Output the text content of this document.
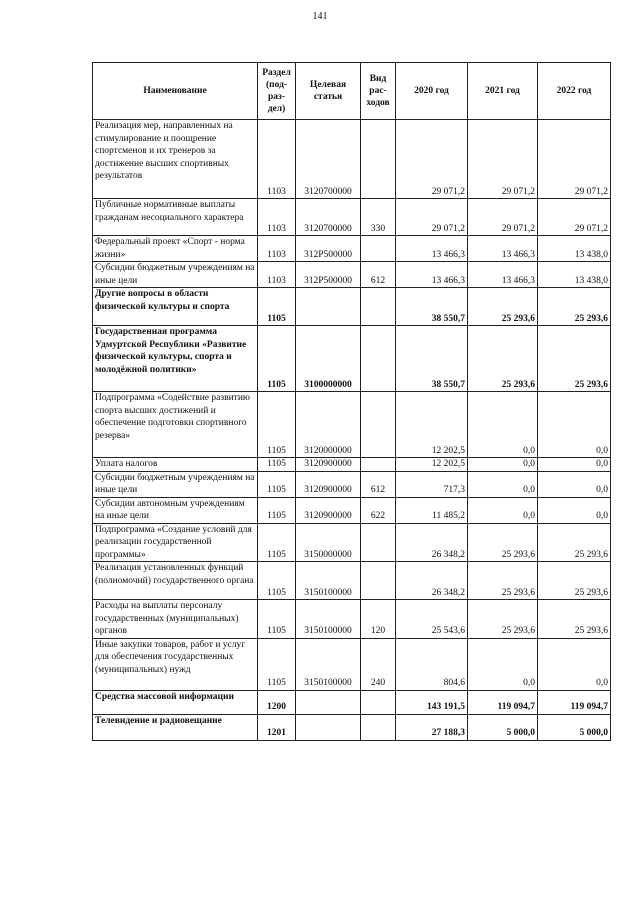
141
Наименование	Раздел (под-раз-дел)	Целевая статья	Вид рас-ходов	2020 год	2021 год	2022 год
Реализация мер, направленных на стимулирование и поощрение спортсменов и их тренеров за достижение высших спортивных результатов	1103	3120700000		29 071,2	29 071,2	29 071,2
Публичные нормативные выплаты гражданам несоциального характера	1103	3120700000	330	29 071,2	29 071,2	29 071,2
Федеральный проект «Спорт - норма жизни»	1103	312P500000		13 466,3	13 466,3	13 438,0
Субсидии бюджетным учреждениям на иные цели	1103	312P500000	612	13 466,3	13 466,3	13 438,0
Другие вопросы в области физической культуры и спорта	1105			38 550,7	25 293,6	25 293,6
Государственная программа Удмуртской Республики «Развитие физической культуры, спорта и молодёжной политики»	1105	3100000000		38 550,7	25 293,6	25 293,6
Подпрограмма «Содействие развитию спорта высших достижений и обеспечение подготовки спортивного резерва»	1105	3120000000		12 202,5	0,0	0,0
Уплата налогов	1105	3120900000		12 202,5	0,0	0,0
Субсидии бюджетным учреждениям на иные цели	1105	3120900000	612	717,3	0,0	0,0
Субсидии автономным учреждениям на иные цели	1105	3120900000	622	11 485,2	0,0	0,0
Подпрограмма «Создание условий для реализации государственной программы»	1105	3150000000		26 348,2	25 293,6	25 293,6
Реализация установленных функций (полномочий) государственного органа	1105	3150100000		26 348,2	25 293,6	25 293,6
Расходы на выплаты персоналу государственных (муниципальных) органов	1105	3150100000	120	25 543,6	25 293,6	25 293,6
Иные закупки товаров, работ и услуг для обеспечения государственных (муниципальных) нужд	1105	3150100000	240	804,6	0,0	0,0
Средства массовой информации	1200			143 191,5	119 094,7	119 094,7
Телевидение и радиовещание	1201			27 188,3	5 000,0	5 000,0
